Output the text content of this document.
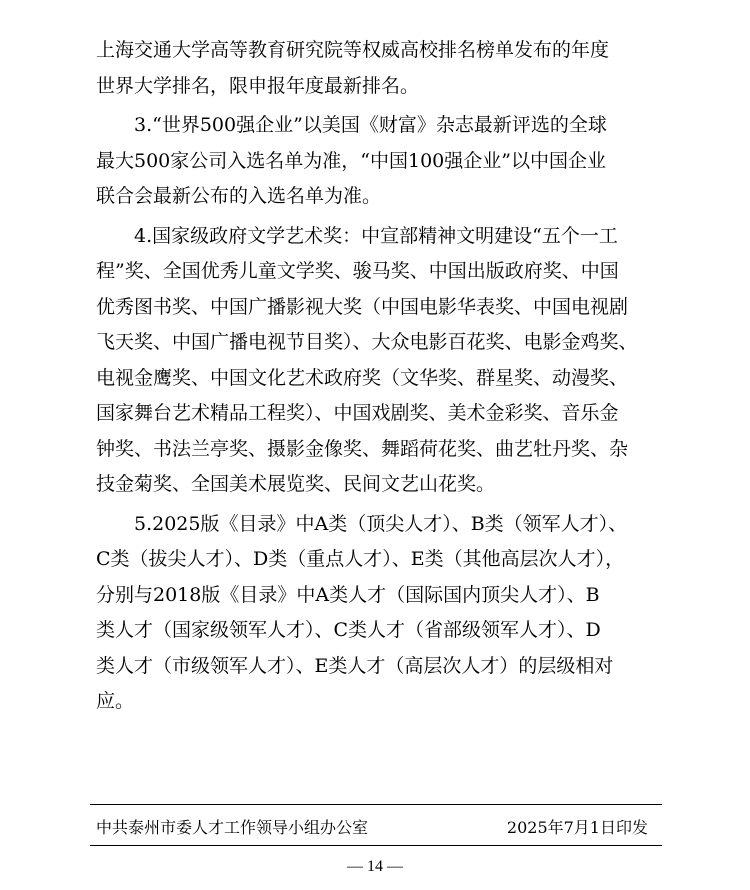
上海交通大学高等教育研究院等权威高校排名榜单发布的年度
世界大学排名，限申报年度最新排名。

　　3.“世界500强企业”以美国《财富》杂志最新评选的全球
最大500家公司入选名单为准，“中国100强企业”以中国企业
联合会最新公布的入选名单为准。

　　4.国家级政府文学艺术奖：中宣部精神文明建设“五个一工
程”奖、全国优秀儿童文学奖、骏马奖、中国出版政府奖、中国
优秀图书奖、中国广播影视大奖（中国电影华表奖、中国电视剧
飞天奖、中国广播电视节目奖）、大众电影百花奖、电影金鸡奖、
电视金鹰奖、中国文化艺术政府奖（文华奖、群星奖、动漫奖、
国家舞台艺术精品工程奖）、中国戏剧奖、美术金彩奖、音乐金
钟奖、书法兰亭奖、摄影金像奖、舞蹈荷花奖、曲艺牡丹奖、杂
技金菊奖、全国美术展览奖、民间文艺山花奖。

　　5.2025版《目录》中A类（顶尖人才）、B类（领军人才）、
C类（拔尖人才）、D类（重点人才）、E类（其他高层次人才），
分别与2018版《目录》中A类人才（国际国内顶尖人才）、B
类人才（国家级领军人才）、C类人才（省部级领军人才）、D
类人才（市级领军人才）、E类人才（高层次人才）的层级相对
应。

中共泰州市委人才工作领导小组办公室	2025年7月1日印发
— 14 —
